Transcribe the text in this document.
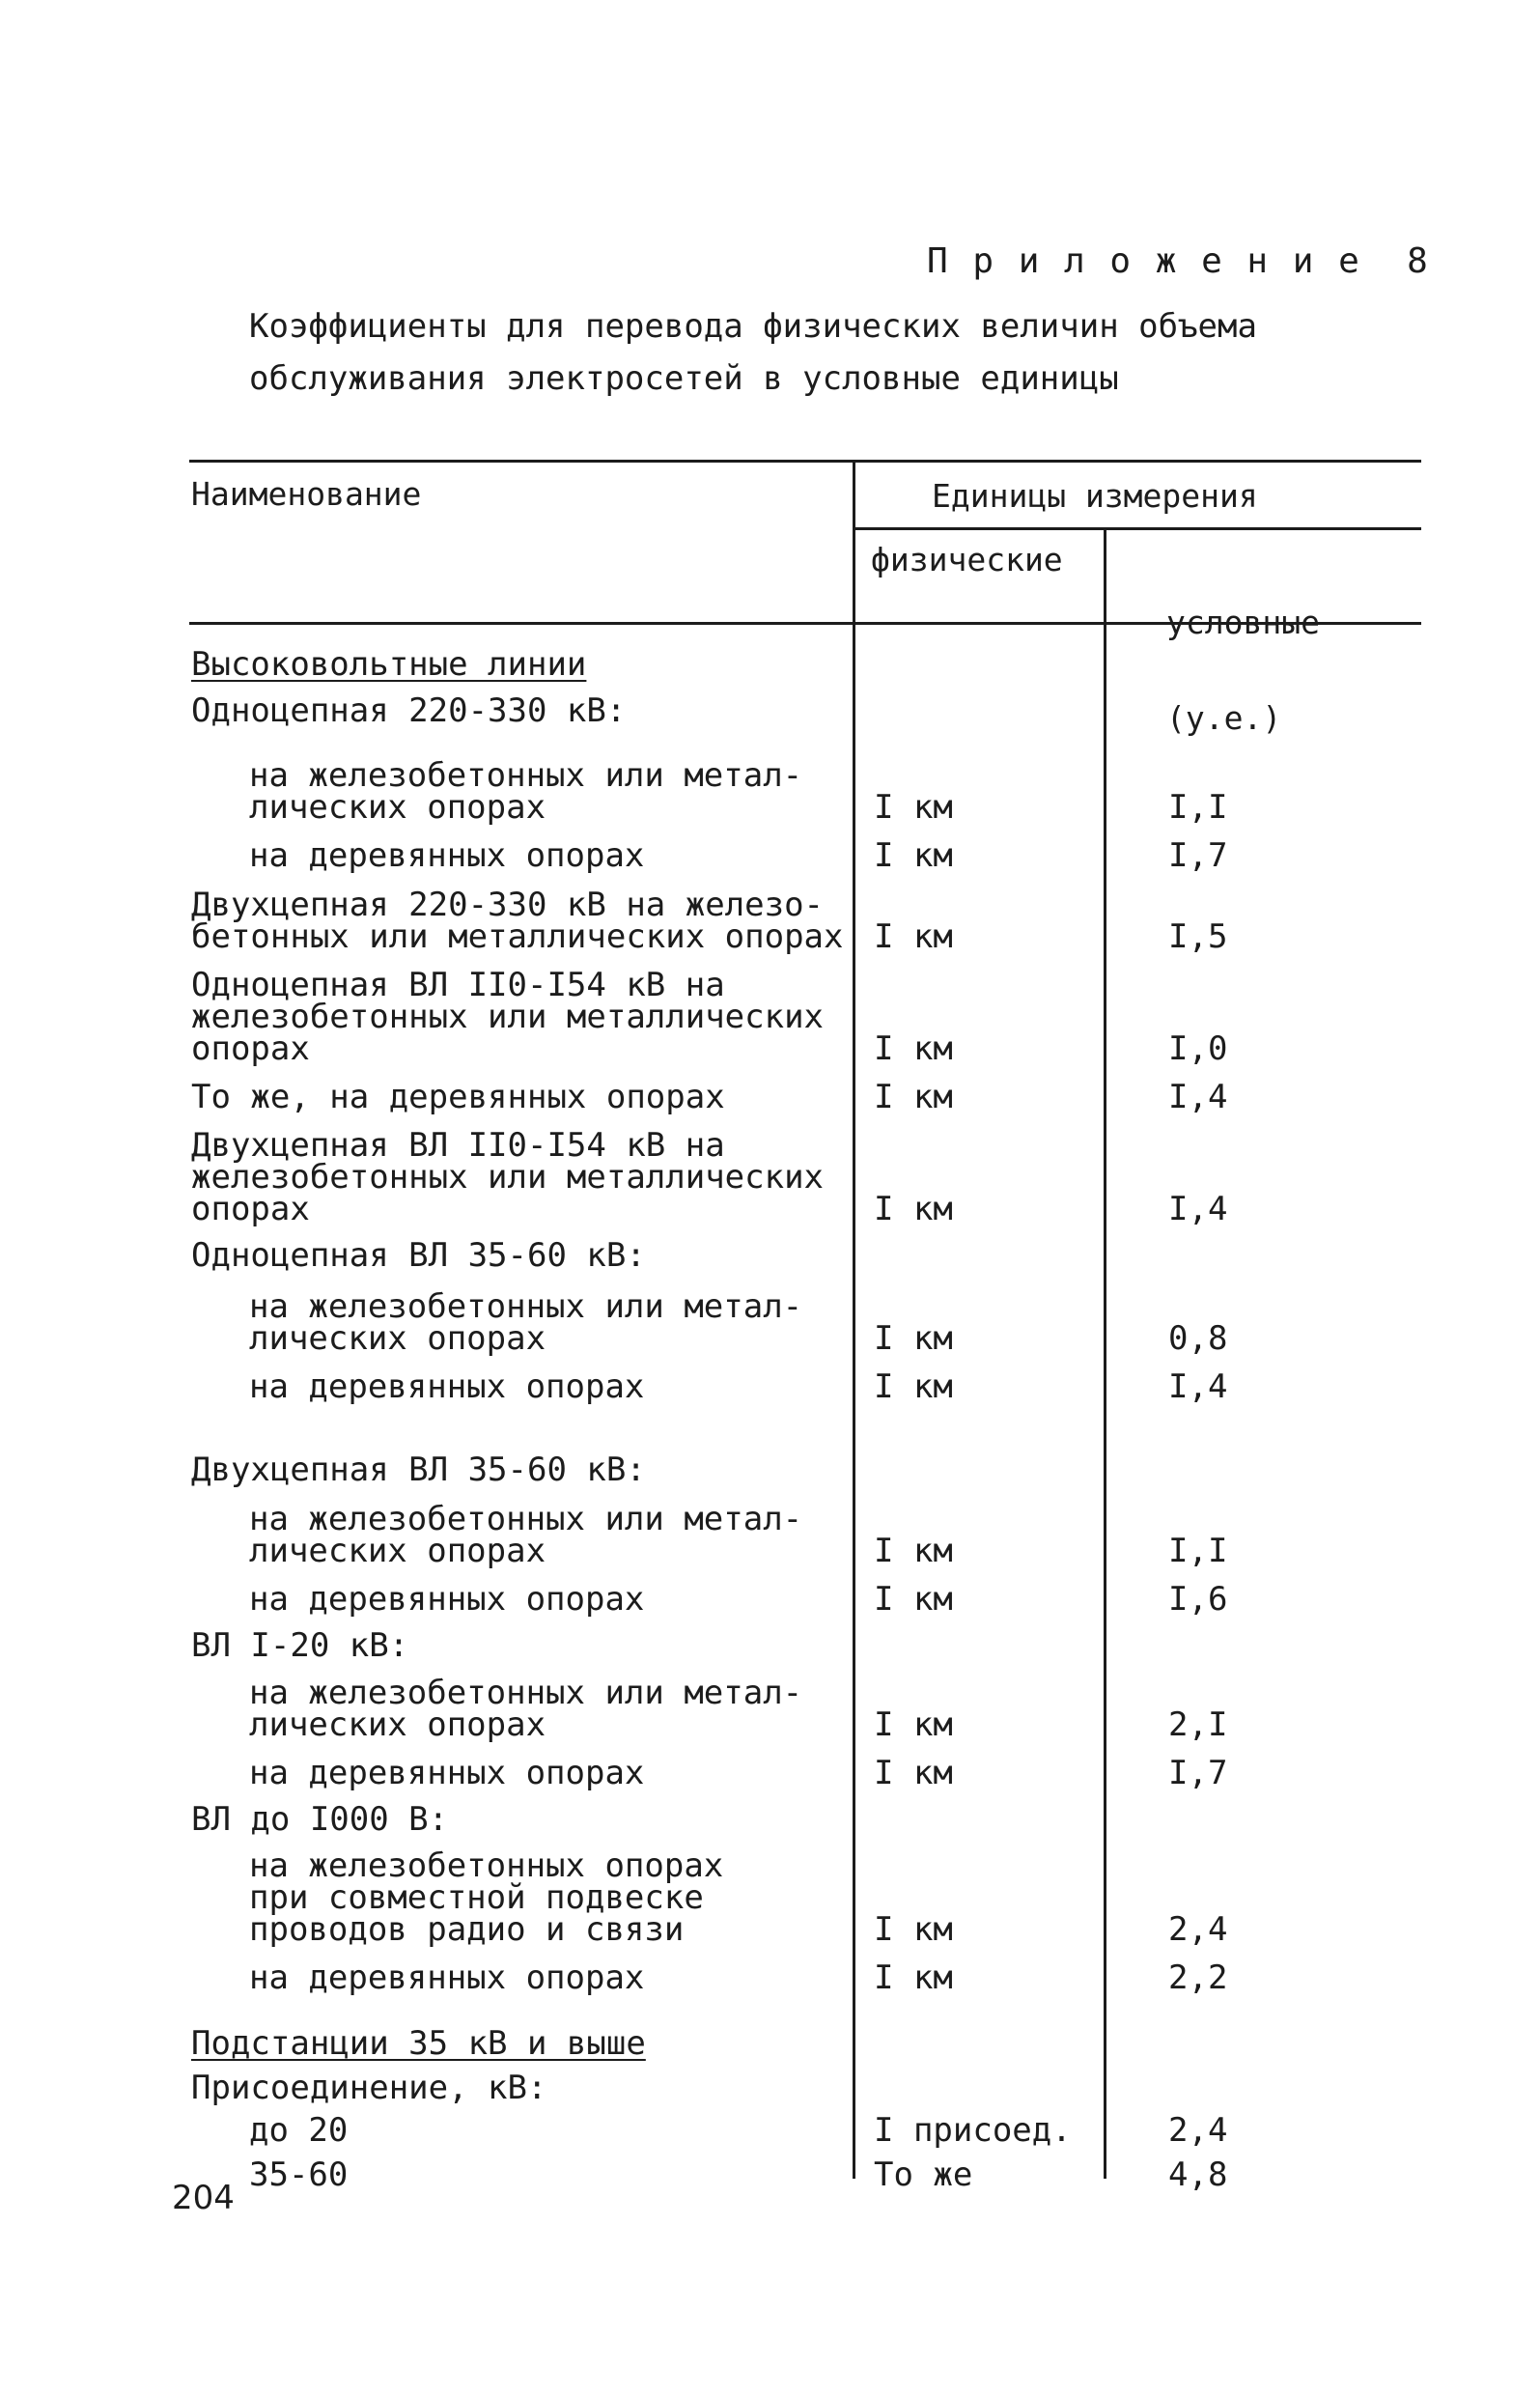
П р и л о ж е н и е  8
Коэффициенты для перевода физических величин объема
обслуживания электросетей в условные единицы
Наименование	Единицы измерения
физические

условные

(у.е.)

Высоковольтные линии
Одноцепная 220-330 кВ:
на железобетонных или метал-
лических опорах	I км	I,I
на деревянных опорах	I км	I,7
Двухцепная 220-330 кВ на железо-
бетонных или металлических опорах I км	I,5
Одноцепная ВЛ II0-I54 кВ на
железобетонных или металлических
опорах	I км	I,0
То же, на деревянных опорах	I км	I,4
Двухцепная ВЛ II0-I54 кВ на
железобетонных или металлических
опорах	I км	I,4
Одноцепная ВЛ 35-60 кВ:
на железобетонных или метал-
лических опорах	I км	0,8
на деревянных опорах	I км	I,4
Двухцепная ВЛ 35-60 кВ:
на железобетонных или метал-
лических опорах	I км	I,I
на деревянных опорах	I км	I,6
ВЛ I-20 кВ:
на железобетонных или метал-
лических опорах	I км	2,I
на деревянных опорах	I км	I,7
ВЛ до I000 В:
на железобетонных опорах
при совместной подвеске
проводов радио и связи	I км	2,4
на деревянных опорах	I км	2,2
Подстанции 35 кВ и выше
Присоединение, кВ:
до 20	I присоед.	2,4
35-60	То же	4,8
204
